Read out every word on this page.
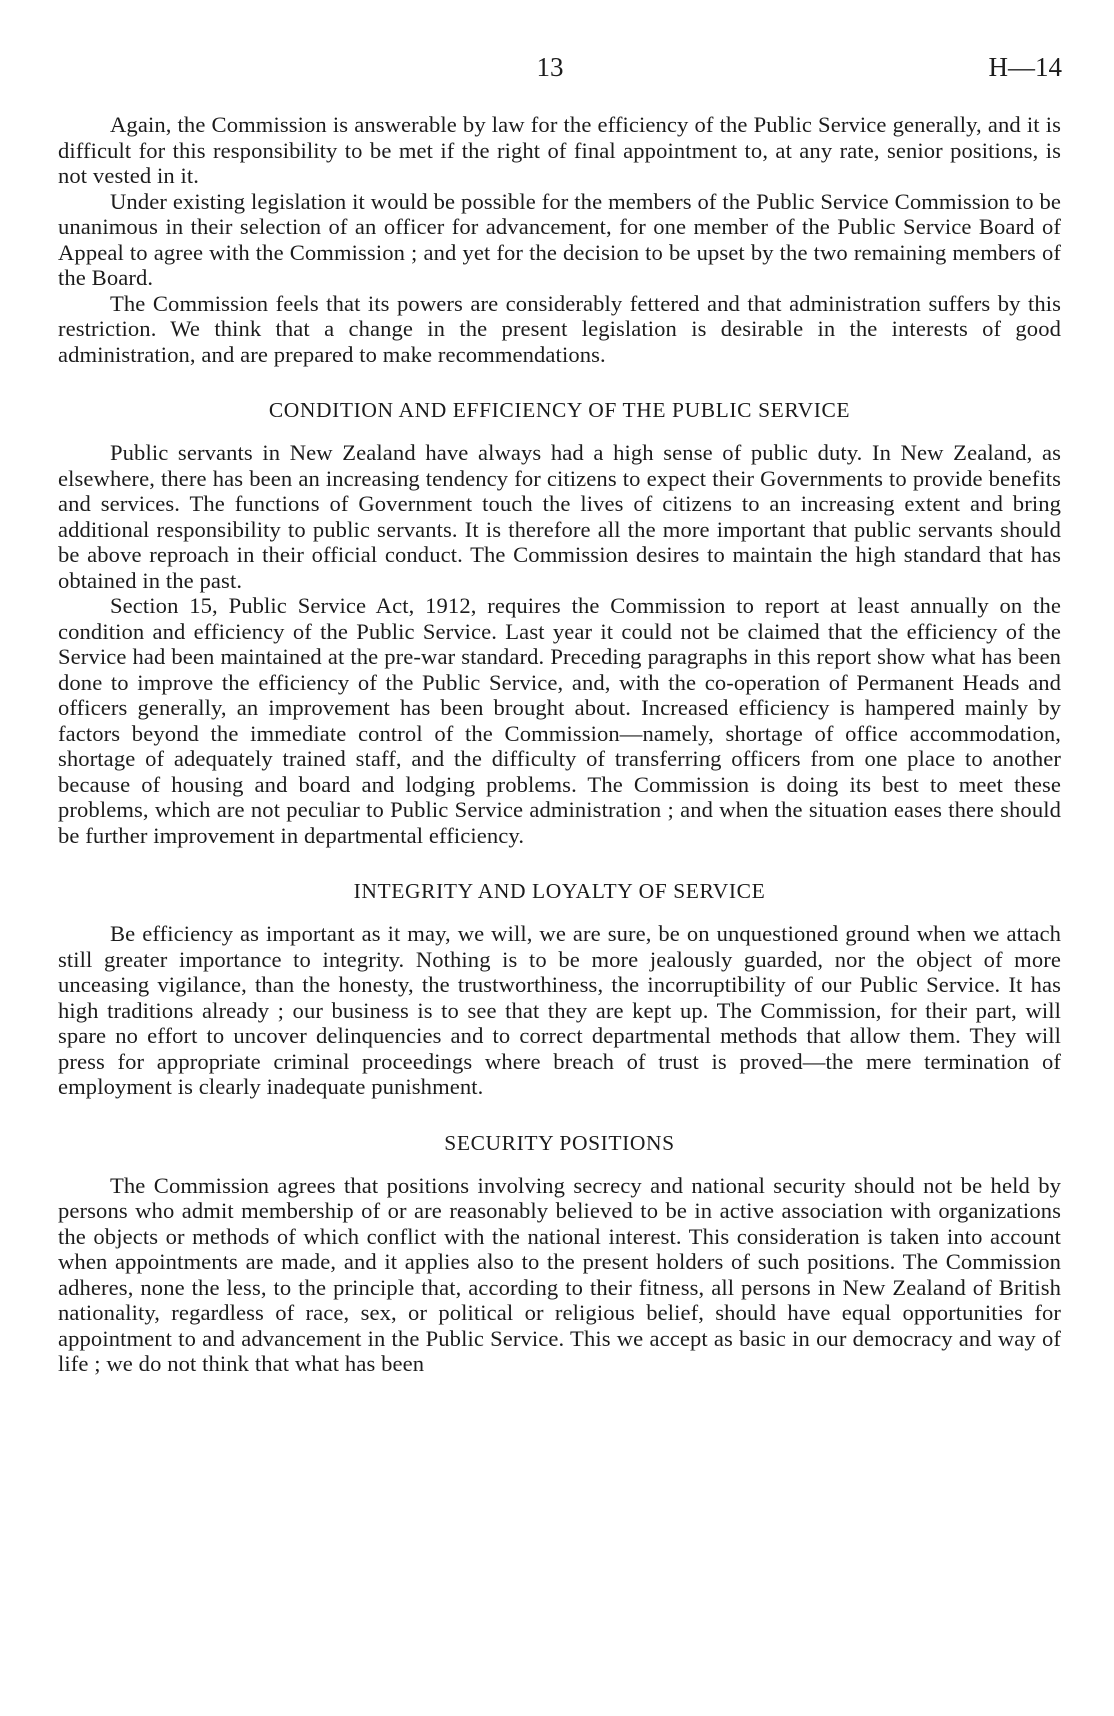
13	H—14

Again, the Commission is answerable by law for the efficiency of the Public Service generally, and it is difficult for this responsibility to be met if the right of final appointment to, at any rate, senior positions, is not vested in it.

Under existing legislation it would be possible for the members of the Public Service Commission to be unanimous in their selection of an officer for advancement, for one member of the Public Service Board of Appeal to agree with the Commission ; and yet for the decision to be upset by the two remaining members of the Board.

The Commission feels that its powers are considerably fettered and that administration suffers by this restriction. We think that a change in the present legislation is desirable in the interests of good administration, and are prepared to make recommendations.

CONDITION AND EFFICIENCY OF THE PUBLIC SERVICE

Public servants in New Zealand have always had a high sense of public duty. In New Zealand, as elsewhere, there has been an increasing tendency for citizens to expect their Governments to provide benefits and services. The functions of Government touch the lives of citizens to an increasing extent and bring additional responsibility to public servants. It is therefore all the more important that public servants should be above reproach in their official conduct. The Commission desires to maintain the high standard that has obtained in the past.

Section 15, Public Service Act, 1912, requires the Commission to report at least annually on the condition and efficiency of the Public Service. Last year it could not be claimed that the efficiency of the Service had been maintained at the pre-war standard. Preceding paragraphs in this report show what has been done to improve the efficiency of the Public Service, and, with the co-operation of Permanent Heads and officers generally, an improvement has been brought about. Increased efficiency is hampered mainly by factors beyond the immediate control of the Commission—namely, shortage of office accommodation, shortage of adequately trained staff, and the difficulty of transferring officers from one place to another because of housing and board and lodging problems. The Commission is doing its best to meet these problems, which are not peculiar to Public Service administration ; and when the situation eases there should be further improvement in departmental efficiency.

INTEGRITY AND LOYALTY OF SERVICE

Be efficiency as important as it may, we will, we are sure, be on unquestioned ground when we attach still greater importance to integrity. Nothing is to be more jealously guarded, nor the object of more unceasing vigilance, than the honesty, the trustworthiness, the incorruptibility of our Public Service. It has high traditions already ; our business is to see that they are kept up. The Commission, for their part, will spare no effort to uncover delinquencies and to correct departmental methods that allow them. They will press for appropriate criminal proceedings where breach of trust is proved—the mere termination of employment is clearly inadequate punishment.

SECURITY POSITIONS

The Commission agrees that positions involving secrecy and national security should not be held by persons who admit membership of or are reasonably believed to be in active association with organizations the objects or methods of which conflict with the national interest. This consideration is taken into account when appointments are made, and it applies also to the present holders of such positions. The Commission adheres, none the less, to the principle that, according to their fitness, all persons in New Zealand of British nationality, regardless of race, sex, or political or religious belief, should have equal opportunities for appointment to and advancement in the Public Service. This we accept as basic in our democracy and way of life ; we do not think that what has been
